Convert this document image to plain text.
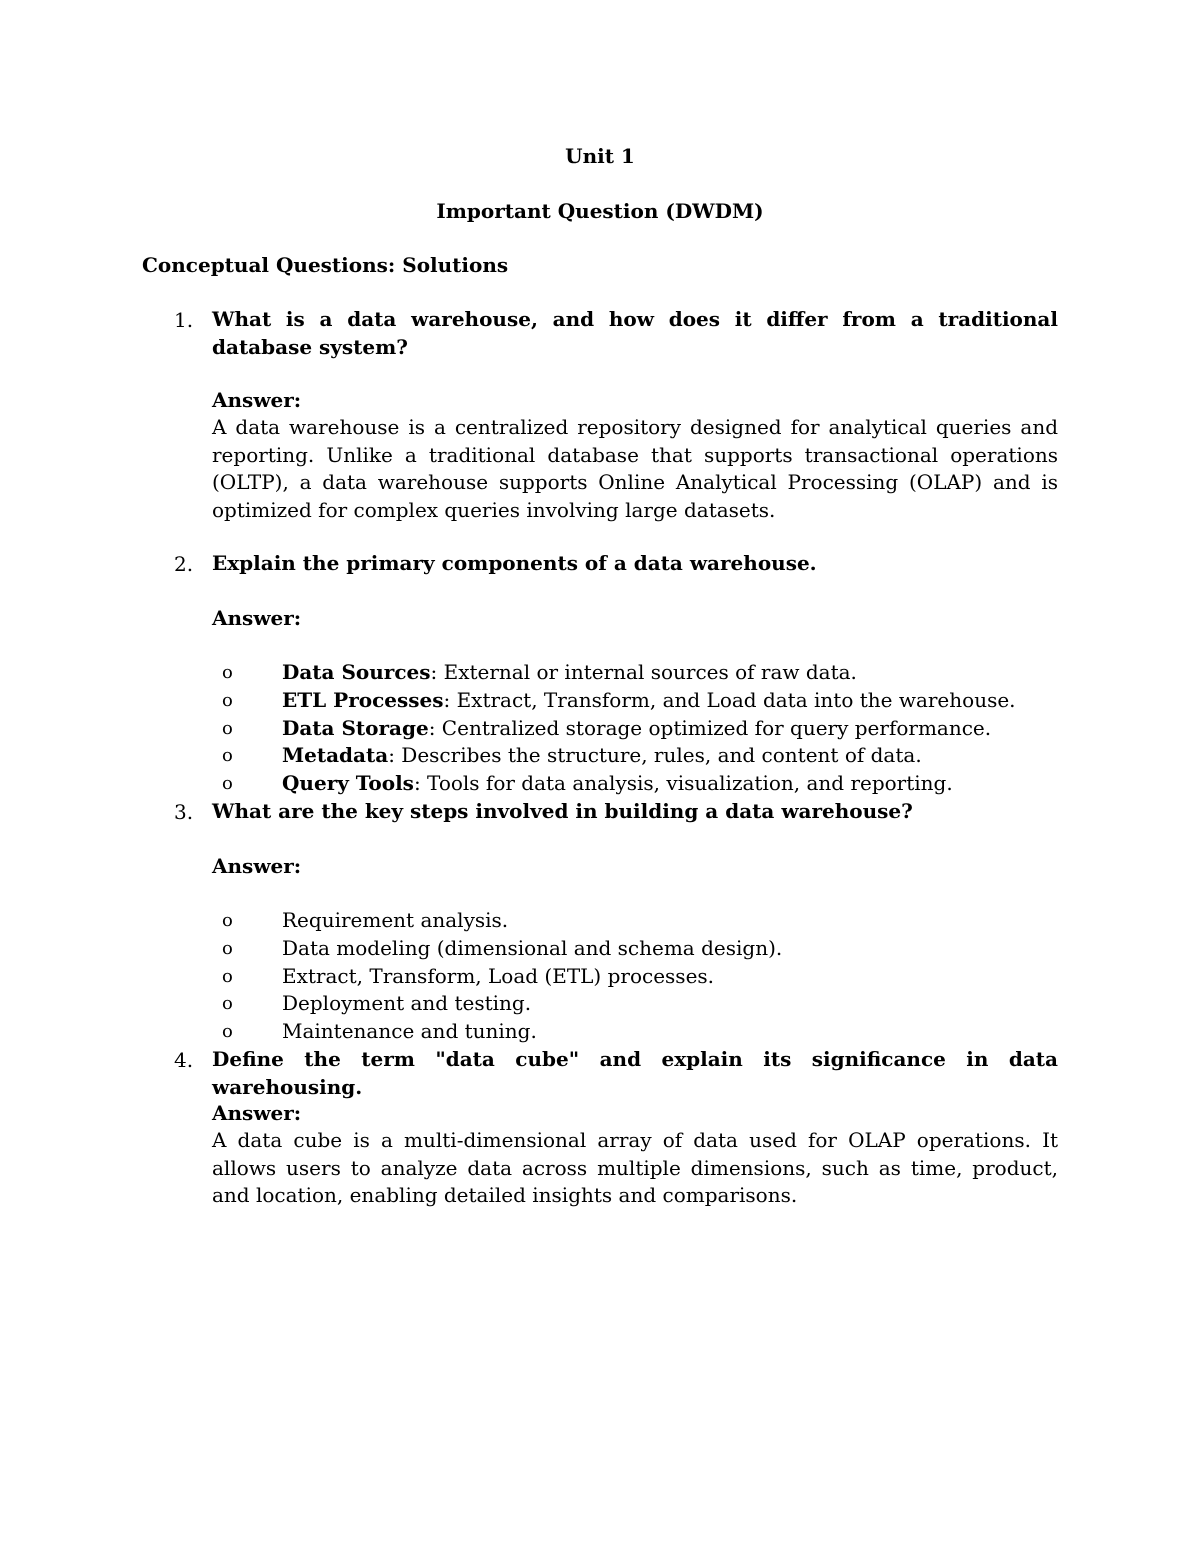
Unit 1
Important Question (DWDM)
Conceptual Questions: Solutions
1. What is a data warehouse, and how does it differ from a traditional database system?
Answer:
A data warehouse is a centralized repository designed for analytical queries and reporting. Unlike a traditional database that supports transactional operations (OLTP), a data warehouse supports Online Analytical Processing (OLAP) and is optimized for complex queries involving large datasets.
2. Explain the primary components of a data warehouse.
Answer:
o Data Sources: External or internal sources of raw data.
o ETL Processes: Extract, Transform, and Load data into the warehouse.
o Data Storage: Centralized storage optimized for query performance.
o Metadata: Describes the structure, rules, and content of data.
o Query Tools: Tools for data analysis, visualization, and reporting.
3. What are the key steps involved in building a data warehouse?
Answer:
o Requirement analysis.
o Data modeling (dimensional and schema design).
o Extract, Transform, Load (ETL) processes.
o Deployment and testing.
o Maintenance and tuning.
4. Define the term "data cube" and explain its significance in data warehousing.
Answer:
A data cube is a multi-dimensional array of data used for OLAP operations. It allows users to analyze data across multiple dimensions, such as time, product, and location, enabling detailed insights and comparisons.
